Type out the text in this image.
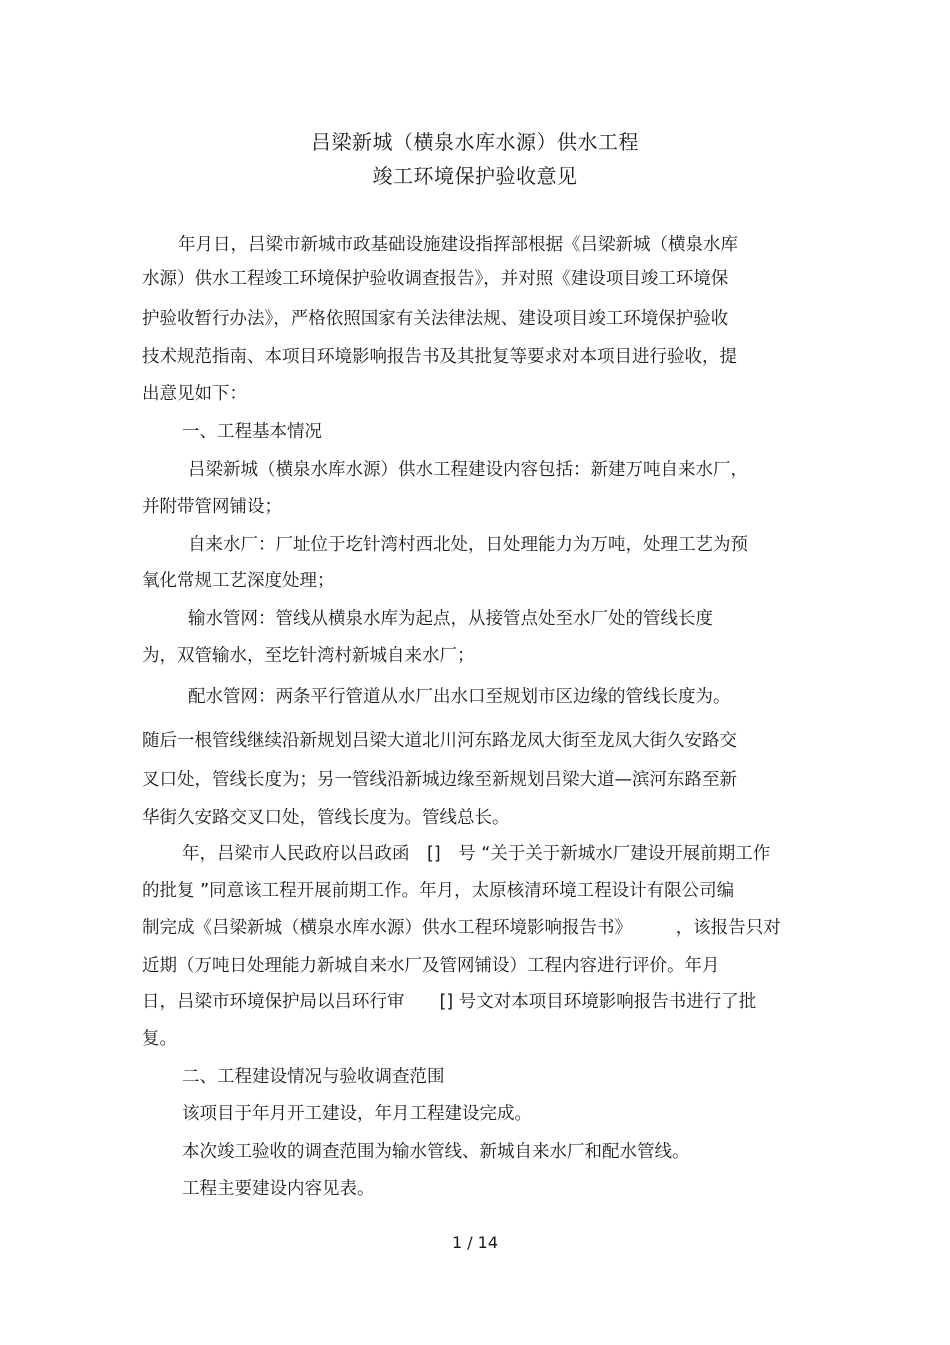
吕梁新城（横泉水库水源）供水工程
竣工环境保护验收意见
年月日，吕梁市新城市政基础设施建设指挥部根据《吕梁新城（横泉水库
水源）供水工程竣工环境保护验收调查报告》，并对照《建设项目竣工环境保
护验收暂行办法》，严格依照国家有关法律法规、建设项目竣工环境保护验收
技术规范指南、本项目环境影响报告书及其批复等要求对本项目进行验收，提
出意见如下：
一、工程基本情况
吕梁新城（横泉水库水源）供水工程建设内容包括：新建万吨自来水厂，
并附带管网铺设；
自来水厂：厂址位于圪针湾村西北处，日处理能力为万吨，处理工艺为预
氧化常规工艺深度处理；
输水管网：管线从横泉水库为起点，从接管点处至水厂处的管线长度
为，双管输水，至圪针湾村新城自来水厂；
配水管网：两条平行管道从水厂出水口至规划市区边缘的管线长度为。
随后一根管线继续沿新规划吕梁大道北川河东路龙凤大街至龙凤大街久安路交
叉口处，管线长度为；另一管线沿新城边缘至新规划吕梁大道—滨河东路至新
华街久安路交叉口处，管线长度为。管线总长。
年，吕梁市人民政府以吕政函　[]　号 “关于关于新城水厂建设开展前期工作
的批复 ”同意该工程开展前期工作。年月，太原核清环境工程设计有限公司编
制完成《吕梁新城（横泉水库水源）供水工程环境影响报告书》　　　，该报告只对
近期（万吨日处理能力新城自来水厂及管网铺设）工程内容进行评价。年月
日，吕梁市环境保护局以吕环行审　　[] 号文对本项目环境影响报告书进行了批
复。
二、工程建设情况与验收调查范围
该项目于年月开工建设，年月工程建设完成。
本次竣工验收的调查范围为输水管线、新城自来水厂和配水管线。
工程主要建设内容见表。
1 / 14
